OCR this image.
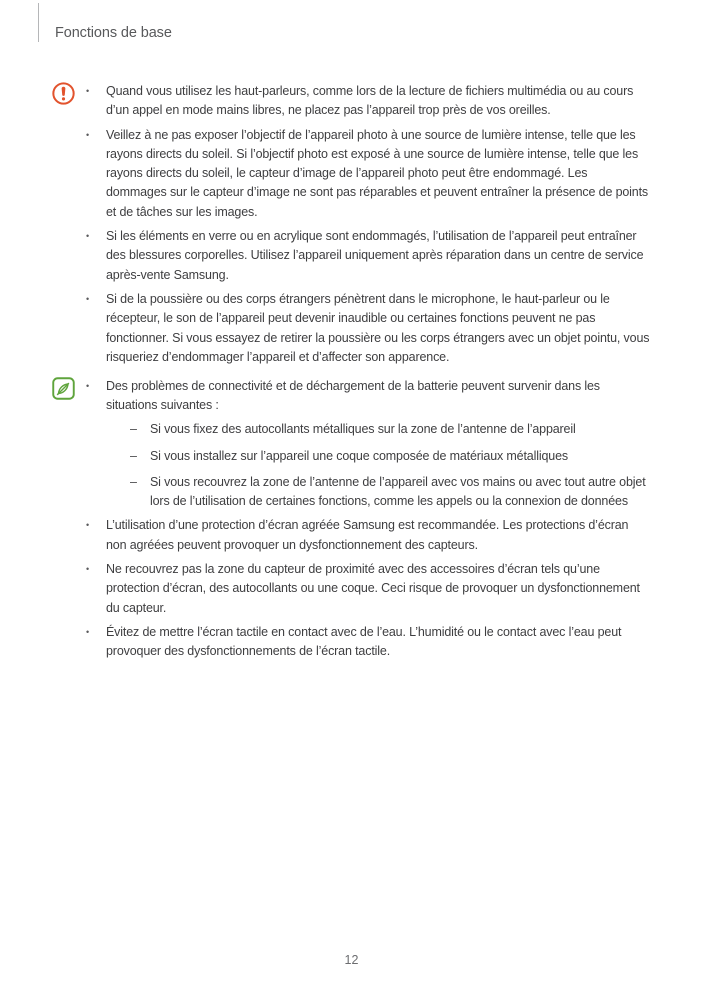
Fonctions de base
•	Quand vous utilisez les haut-parleurs, comme lors de la lecture de fichiers multimédia ou au cours d’un appel en mode mains libres, ne placez pas l’appareil trop près de vos oreilles.

•	Veillez à ne pas exposer l’objectif de l’appareil photo à une source de lumière intense, telle que les rayons directs du soleil. Si l’objectif photo est exposé à une source de lumière intense, telle que les rayons directs du soleil, le capteur d’image de l’appareil photo peut être endommagé. Les dommages sur le capteur d’image ne sont pas réparables et peuvent entraîner la présence de points et de tâches sur les images.

•	Si les éléments en verre ou en acrylique sont endommagés, l’utilisation de l’appareil peut entraîner des blessures corporelles. Utilisez l’appareil uniquement après réparation dans un centre de service après-vente Samsung.

•	Si de la poussière ou des corps étrangers pénètrent dans le microphone, le haut-parleur ou le récepteur, le son de l’appareil peut devenir inaudible ou certaines fonctions peuvent ne pas fonctionner. Si vous essayez de retirer la poussière ou les corps étrangers avec un objet pointu, vous risqueriez d’endommager l’appareil et d’affecter son apparence.

•	Des problèmes de connectivité et de déchargement de la batterie peuvent survenir dans les situations suivantes :

–	Si vous fixez des autocollants métalliques sur la zone de l’antenne de l’appareil

–	Si vous installez sur l’appareil une coque composée de matériaux métalliques

–	Si vous recouvrez la zone de l’antenne de l’appareil avec vos mains ou avec tout autre objet lors de l’utilisation de certaines fonctions, comme les appels ou la connexion de données

•	L’utilisation d’une protection d’écran agréée Samsung est recommandée. Les protections d’écran non agréées peuvent provoquer un dysfonctionnement des capteurs.

•	Ne recouvrez pas la zone du capteur de proximité avec des accessoires d’écran tels qu’une protection d’écran, des autocollants ou une coque. Ceci risque de provoquer un dysfonctionnement du capteur.

•	Évitez de mettre l’écran tactile en contact avec de l’eau. L’humidité ou le contact avec l’eau peut provoquer des dysfonctionnements de l’écran tactile.

12
